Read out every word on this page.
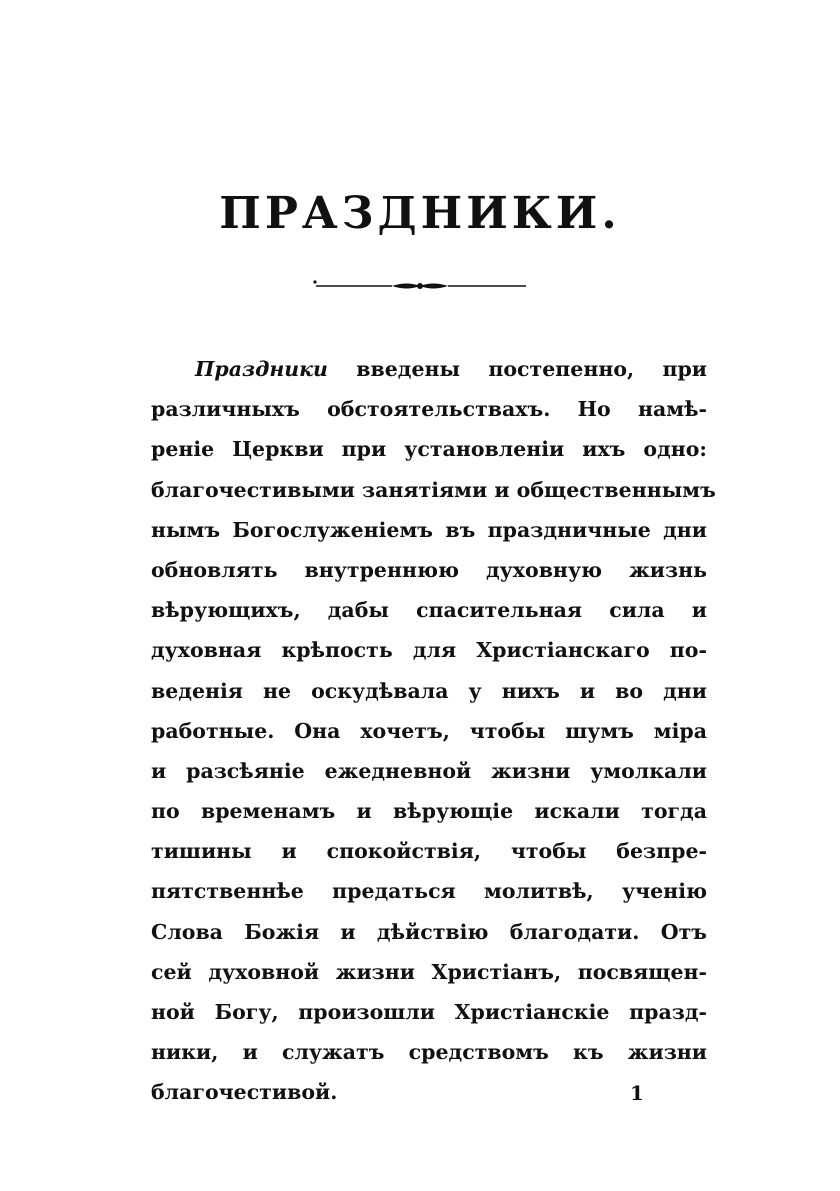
ПРАЗДНИКИ.
Праздники введены постепенно, при
различныхъ обстоятельствахъ. Но намѣ-
реніе Церкви при установленіи ихъ одно:
благочестивыми занятіями и общественнымъ
нымъ Богослуженіемъ въ праздничные дни
обновлять внутреннюю духовную жизнь
вѣрующихъ, дабы спасительная сила и
духовная крѣпость для Христіанскаго по-
веденія не оскудѣвала у нихъ и во дни
работные. Она хочетъ, чтобы шумъ міра
и разсѣяніе ежедневной жизни умолкали
по временамъ и вѣрующіе искали тогда
тишины и спокойствія, чтобы безпре-
пятственнѣе предаться молитвѣ, ученію
Слова Божія и дѣйствію благодати. Отъ
сей духовной жизни Христіанъ, посвящен-
ной Богу, произошли Христіанскіе празд-
ники, и служатъ средствомъ къ жизни
благочестивой.	1
